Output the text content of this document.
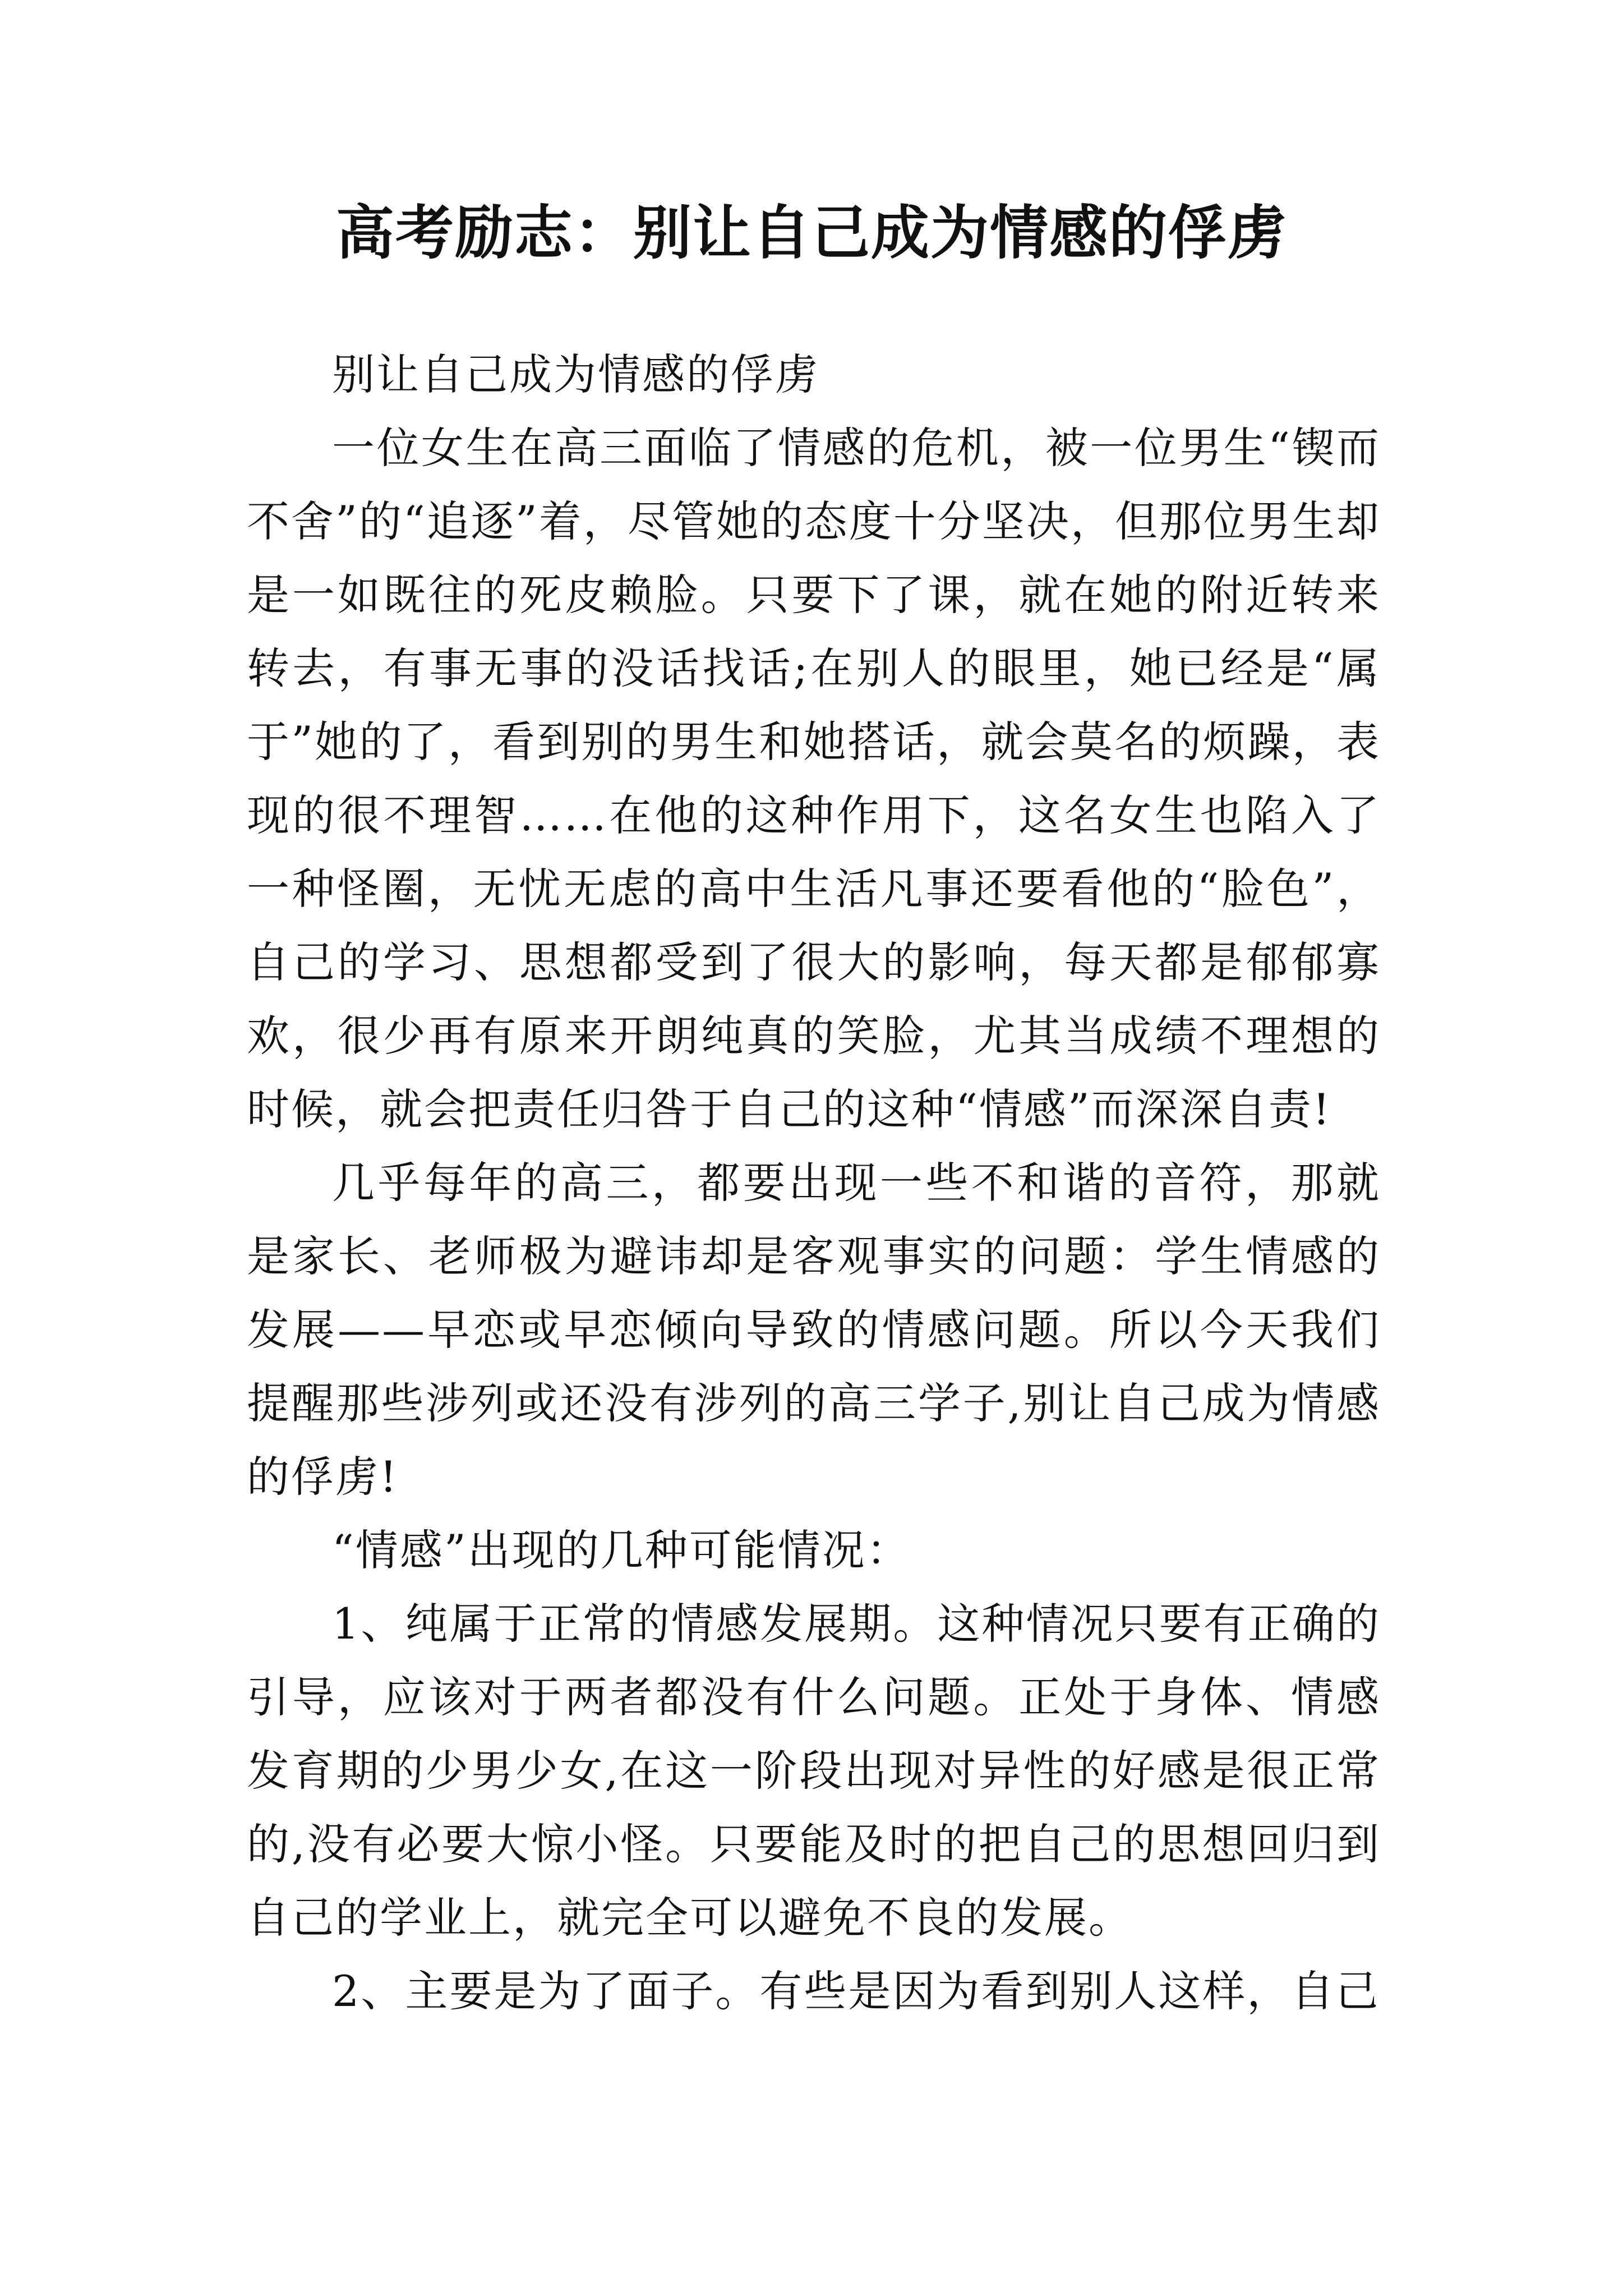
高考励志：别让自己成为情感的俘虏

别让自己成为情感的俘虏

一位女生在高三面临了情感的危机，被一位男生“锲而不舍”的“追逐”着，尽管她的态度十分坚决，但那位男生却是一如既往的死皮赖脸。只要下了课，就在她的附近转来转去，有事无事的没话找话;在别人的眼里，她已经是“属于”她的了，看到别的男生和她搭话，就会莫名的烦躁，表现的很不理智……在他的这种作用下，这名女生也陷入了一种怪圈，无忧无虑的高中生活凡事还要看他的“脸色”，自己的学习、思想都受到了很大的影响，每天都是郁郁寡欢，很少再有原来开朗纯真的笑脸，尤其当成绩不理想的时候，就会把责任归咎于自己的这种“情感”而深深自责!

几乎每年的高三，都要出现一些不和谐的音符，那就是家长、老师极为避讳却是客观事实的问题：学生情感的发展——早恋或早恋倾向导致的情感问题。所以今天我们提醒那些涉列或还没有涉列的高三学子,别让自己成为情感的俘虏!

“情感”出现的几种可能情况：

1、纯属于正常的情感发展期。这种情况只要有正确的引导，应该对于两者都没有什么问题。正处于身体、情感发育期的少男少女,在这一阶段出现对异性的好感是很正常的,没有必要大惊小怪。只要能及时的把自己的思想回归到自己的学业上，就完全可以避免不良的发展。

2、主要是为了面子。有些是因为看到别人这样，自己
